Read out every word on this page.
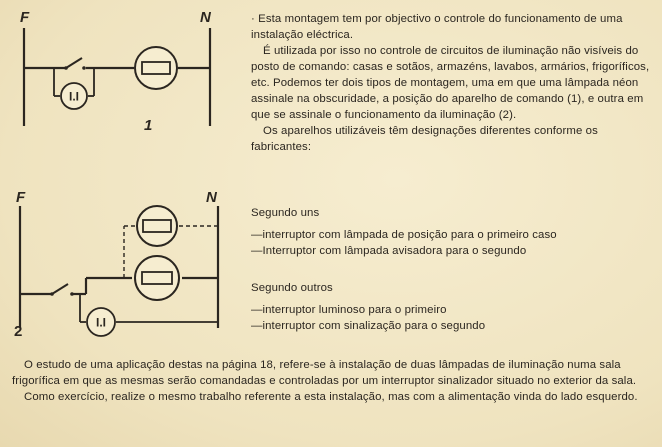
I.I
F	N
1
I.I
F	N
2

· Esta montagem tem por objectivo o controle do funcionamento de uma instalação eléctrica.

É utilizada por isso no controle de circuitos de iluminação não visíveis do posto de comando: casas e sotãos, armazéns, lavabos, armários, frigoríficos, etc. Podemos ter dois tipos de montagem, uma em que uma lâmpada néon assinale na obscuridade, a posição do aparelho de comando (1), e outra em que se assinale o funcionamento da iluminação (2).

Os aparelhos utilizáveis têm designações diferentes conforme os fabricantes:

Segundo uns

—interruptor com lâmpada de posição para o primeiro caso

—Interruptor com lâmpada avisadora para o segundo

Segundo outros

—interruptor luminoso para o primeiro

—interruptor com sinalização para o segundo

O estudo de uma aplicação destas na página 18, refere-se à instalação de duas lâmpadas de iluminação numa sala frigorífica em que as mesmas serão comandadas e controladas por um interruptor sinalizador situado no exterior da sala.

Como exercício, realize o mesmo trabalho referente a esta instalação, mas com a alimentação vinda do lado esquerdo.
